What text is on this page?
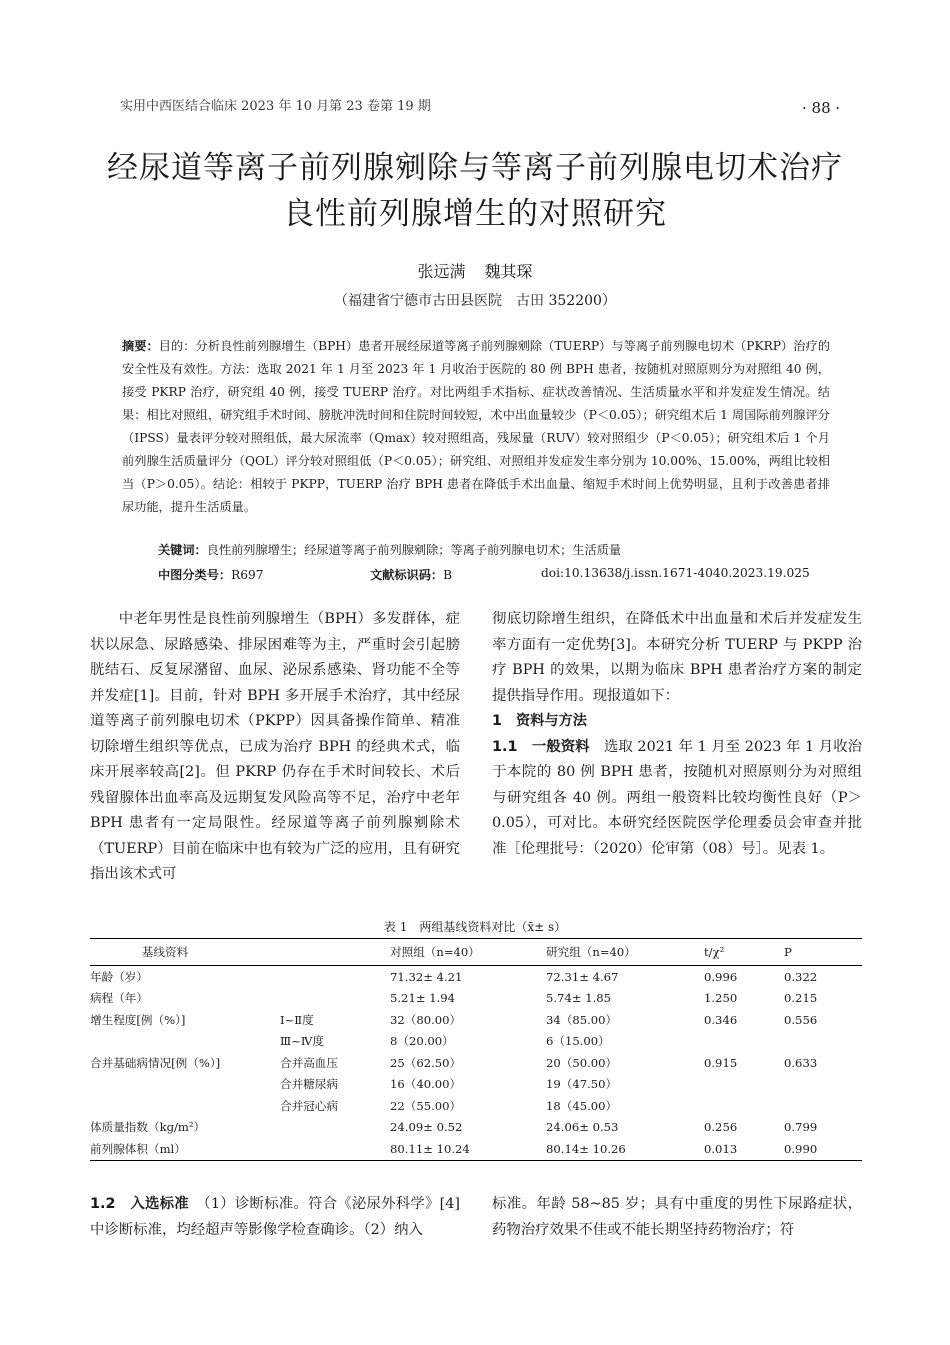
实用中西医结合临床 2023 年 10 月第 23 卷第 19 期	· 88 ·
经尿道等离子前列腺剜除与等离子前列腺电切术治疗
良性前列腺增生的对照研究
张远满 魏其琛
（福建省宁德市古田县医院　古田 352200）
摘要：目的：分析良性前列腺增生（BPH）患者开展经尿道等离子前列腺剜除（TUERP）与等离子前列腺电切术（PKRP）治疗的安全性及有效性。方法：选取 2021 年 1 月至 2023 年 1 月收治于医院的 80 例 BPH 患者，按随机对照原则分为对照组 40 例，接受 PKRP 治疗，研究组 40 例，接受 TUERP 治疗。对比两组手术指标、症状改善情况、生活质量水平和并发症发生情况。结果：相比对照组，研究组手术时间、膀胱冲洗时间和住院时间较短，术中出血量较少（P＜0.05）；研究组术后 1 周国际前列腺评分（IPSS）量表评分较对照组低，最大尿流率（Qmax）较对照组高，残尿量（RUV）较对照组少（P＜0.05）；研究组术后 1 个月前列腺生活质量评分（QOL）评分较对照组低（P＜0.05）；研究组、对照组并发症发生率分别为 10.00%、15.00%，两组比较相当（P＞0.05）。结论：相较于 PKPP，TUERP 治疗 BPH 患者在降低手术出血量、缩短手术时间上优势明显，且利于改善患者排尿功能，提升生活质量。
关键词：良性前列腺增生；经尿道等离子前列腺剜除；等离子前列腺电切术；生活质量
中图分类号：R697	文献标识码：B	doi:10.13638/j.issn.1671-4040.2023.19.025

中老年男性是良性前列腺增生（BPH）多发群体，症状以尿急、尿路感染、排尿困难等为主，严重时会引起膀胱结石、反复尿潴留、血尿、泌尿系感染、肾功能不全等并发症[1]。目前，针对 BPH 多开展手术治疗，其中经尿道等离子前列腺电切术（PKPP）因具备操作简单、精准切除增生组织等优点，已成为治疗 BPH 的经典术式，临床开展率较高[2]。但 PKRP 仍存在手术时间较长、术后残留腺体出血率高及远期复发风险高等不足，治疗中老年 BPH 患者有一定局限性。经尿道等离子前列腺剜除术（TUERP）目前在临床中也有较为广泛的应用，且有研究指出该术式可

彻底切除增生组织，在降低术中出血量和术后并发症发生率方面有一定优势[3]。本研究分析 TUERP 与 PKPP 治疗 BPH 的效果，以期为临床 BPH 患者治疗方案的制定提供指导作用。现报道如下：

1　资料与方法

1.1　一般资料　选取 2021 年 1 月至 2023 年 1 月收治于本院的 80 例 BPH 患者，按随机对照原则分为对照组与研究组各 40 例。两组一般资料比较均衡性良好（P＞0.05），可对比。本研究经医院医学伦理委员会审查并批准［伦理批号：（2020）伦审第（08）号］。见表 1。

表 1　两组基线资料对比（x̄± s）
基线资料		对照组（n=40）	研究组（n=40）	t/χ²	P
年龄（岁）		71.32± 4.21	72.31± 4.67	0.996	0.322
病程（年）		5.21± 1.94	5.74± 1.85	1.250	0.215
增生程度[例（%）]	Ⅰ~Ⅱ度	32（80.00）	34（85.00）	0.346	0.556
	Ⅲ~Ⅳ度	8（20.00）	6（15.00）		
合并基础病情况[例（%）]	合并高血压	25（62.50）	20（50.00）	0.915	0.633
	合并糖尿病	16（40.00）	19（47.50）		
	合并冠心病	22（55.00）	18（45.00）		
体质量指数（kg/m²）		24.09± 0.52	24.06± 0.53	0.256	0.799
前列腺体积（ml）		80.11± 10.24	80.14± 10.26	0.013	0.990

1.2　入选标准　（1）诊断标准。符合《泌尿外科学》[4]中诊断标准，均经超声等影像学检查确诊。（2）纳入

标准。年龄 58~85 岁；具有中重度的男性下尿路症状，药物治疗效果不佳或不能长期坚持药物治疗；符
